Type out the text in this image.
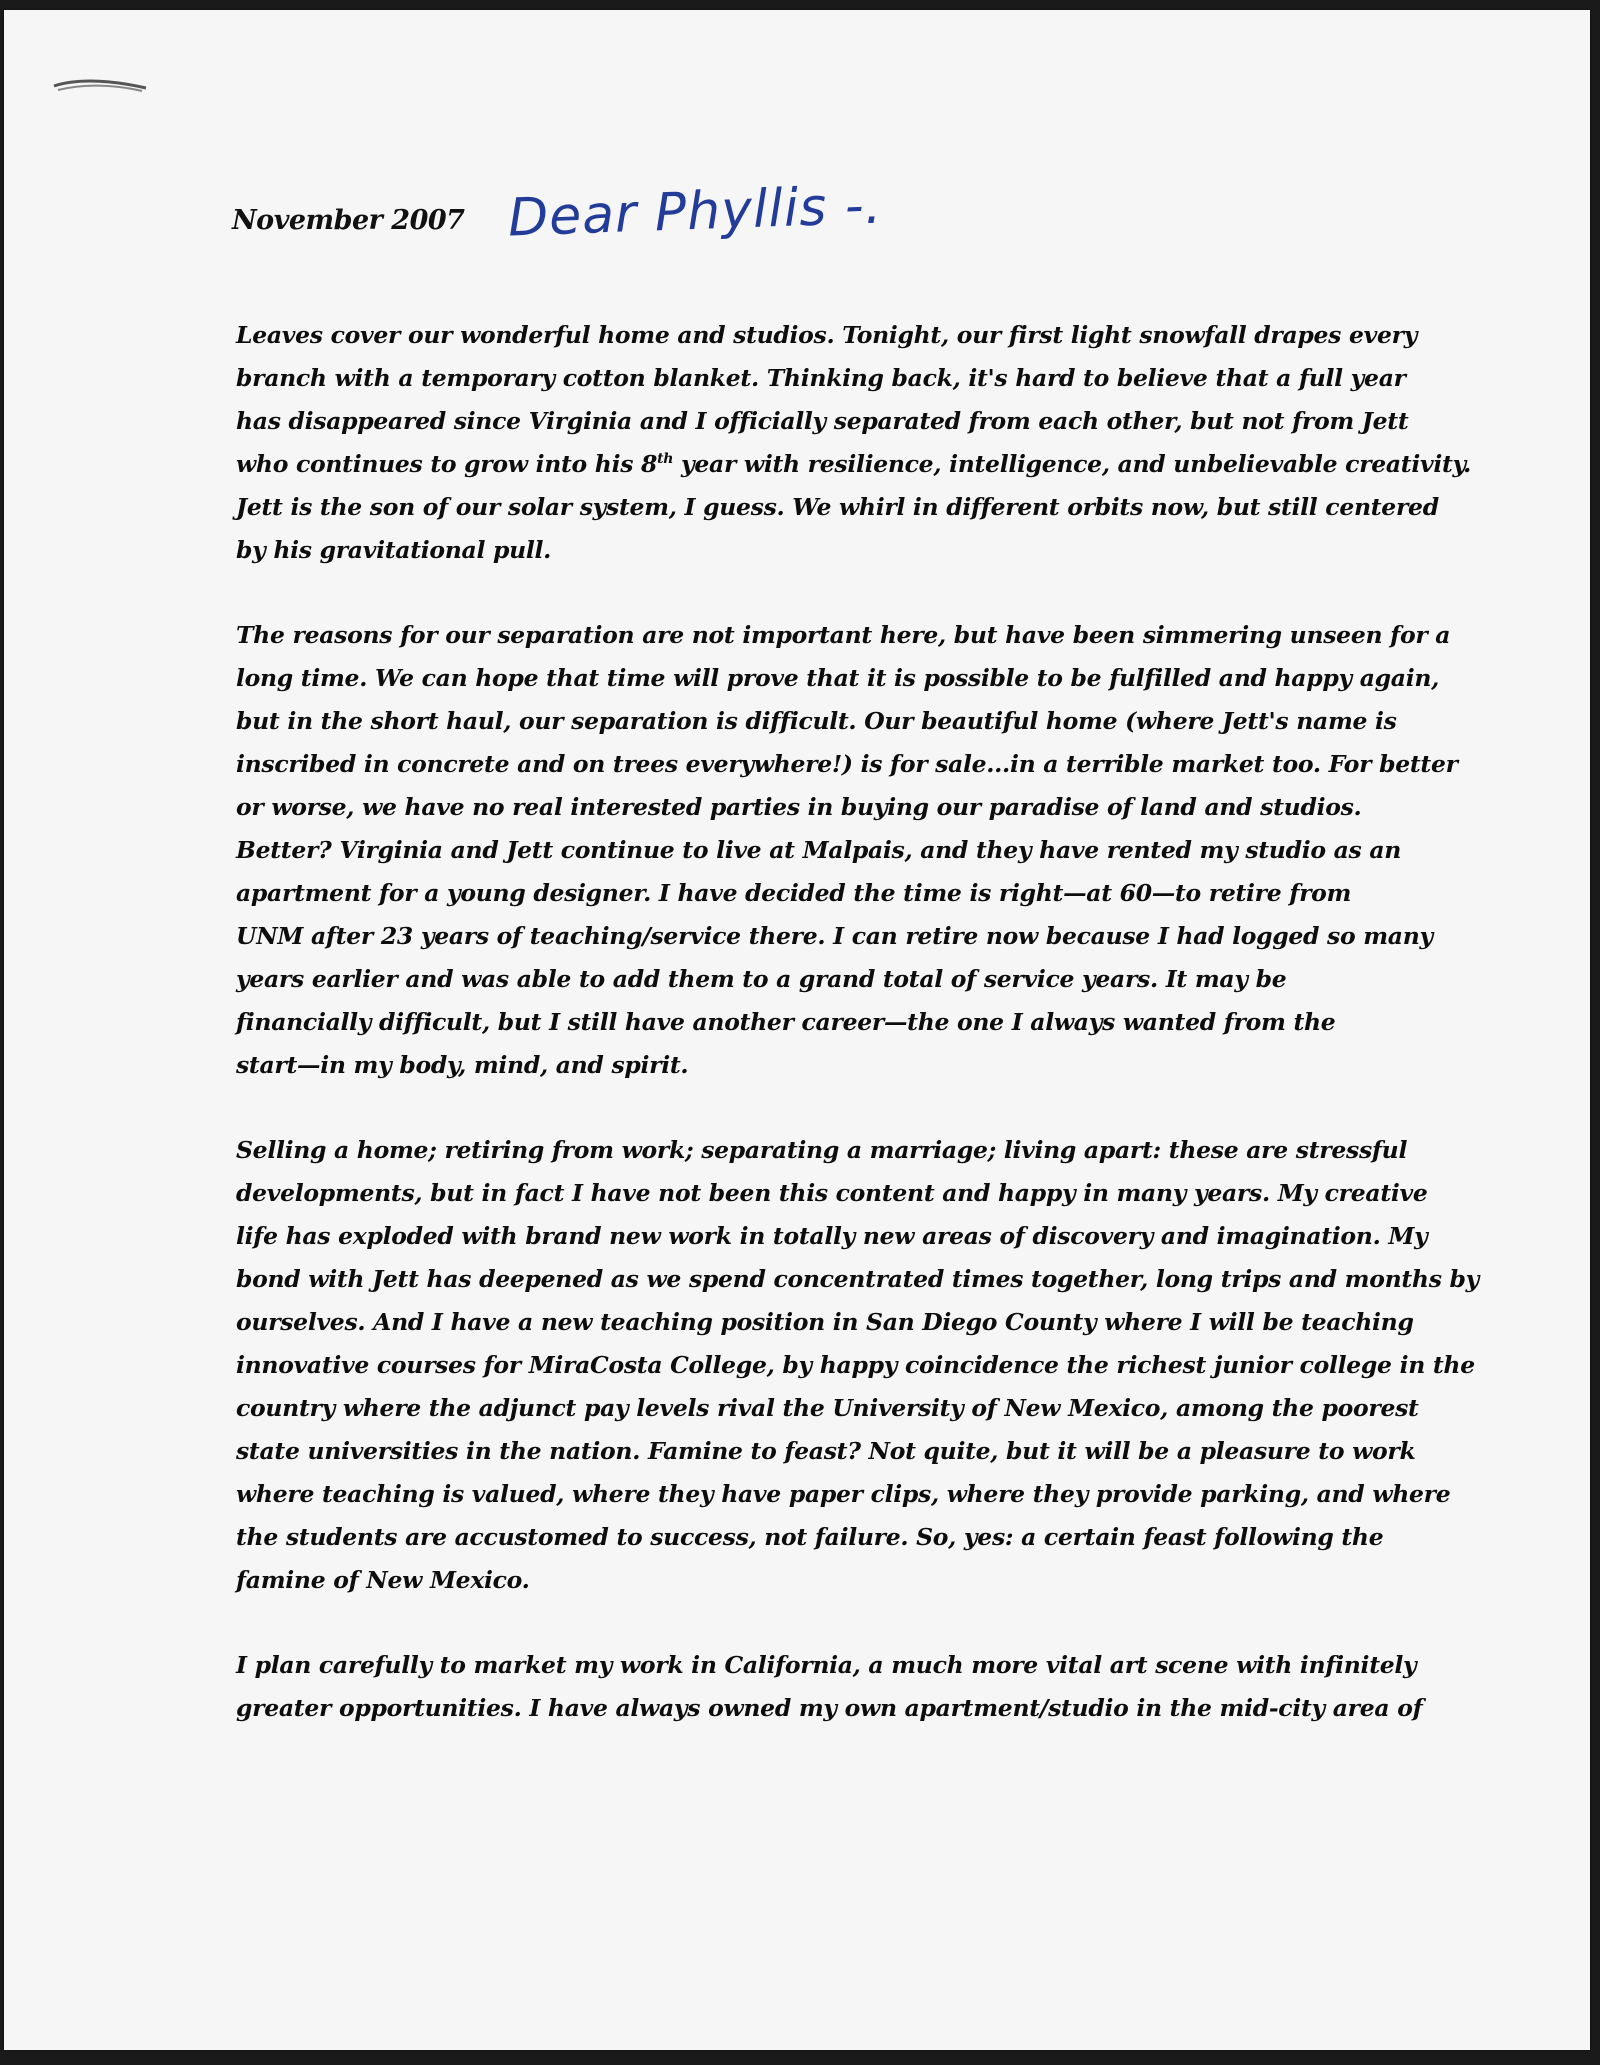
November 2007 Dear Phyllis -.
Leaves cover our wonderful home and studios. Tonight, our first light snowfall drapes every
branch with a temporary cotton blanket. Thinking back, it's hard to believe that a full year
has disappeared since Virginia and I officially separated from each other, but not from Jett
who continues to grow into his 8th year with resilience, intelligence, and unbelievable creativity.
Jett is the son of our solar system, I guess. We whirl in different orbits now, but still centered
by his gravitational pull.
The reasons for our separation are not important here, but have been simmering unseen for a
long time. We can hope that time will prove that it is possible to be fulfilled and happy again,
but in the short haul, our separation is difficult. Our beautiful home (where Jett's name is
inscribed in concrete and on trees everywhere!) is for sale...in a terrible market too. For better
or worse, we have no real interested parties in buying our paradise of land and studios.
Better? Virginia and Jett continue to live at Malpais, and they have rented my studio as an
apartment for a young designer. I have decided the time is right—at 60—to retire from
UNM after 23 years of teaching/service there. I can retire now because I had logged so many
years earlier and was able to add them to a grand total of service years. It may be
financially difficult, but I still have another career—the one I always wanted from the
start—in my body, mind, and spirit.
Selling a home; retiring from work; separating a marriage; living apart: these are stressful
developments, but in fact I have not been this content and happy in many years. My creative
life has exploded with brand new work in totally new areas of discovery and imagination. My
bond with Jett has deepened as we spend concentrated times together, long trips and months by
ourselves. And I have a new teaching position in San Diego County where I will be teaching
innovative courses for MiraCosta College, by happy coincidence the richest junior college in the
country where the adjunct pay levels rival the University of New Mexico, among the poorest
state universities in the nation. Famine to feast? Not quite, but it will be a pleasure to work
where teaching is valued, where they have paper clips, where they provide parking, and where
the students are accustomed to success, not failure. So, yes: a certain feast following the
famine of New Mexico.
I plan carefully to market my work in California, a much more vital art scene with infinitely
greater opportunities. I have always owned my own apartment/studio in the mid-city area of
